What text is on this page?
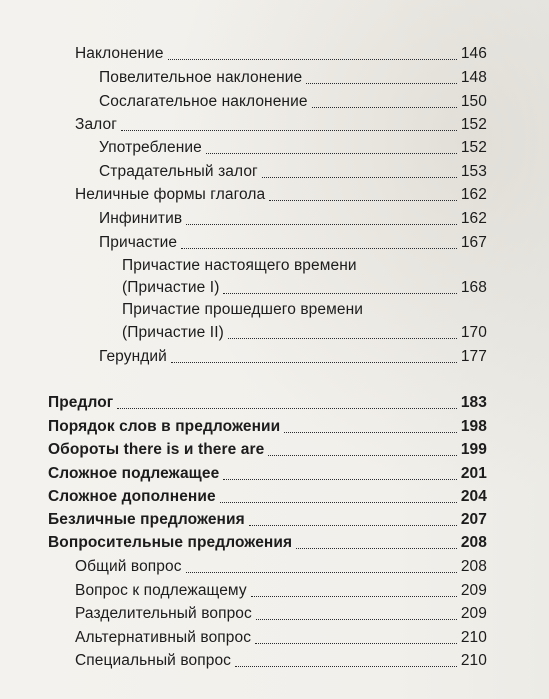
Наклонение	146
Повелительное наклонение	148
Сослагательное наклонение	150
Залог	152
Употребление	152
Страдательный залог	153
Неличные формы глагола	162
Инфинитив	162
Причастие	167
Причастие настоящего времени
(Причастие I)	168
Причастие прошедшего времени
(Причастие II)	170
Герундий	177
Предлог	183
Порядок слов в предложении	198
Обороты there is и there are	199
Сложное подлежащее	201
Сложное дополнение	204
Безличные предложения	207
Вопросительные предложения	208
Общий вопрос	208
Вопрос к подлежащему	209
Разделительный вопрос	209
Альтернативный вопрос	210
Специальный вопрос	210
